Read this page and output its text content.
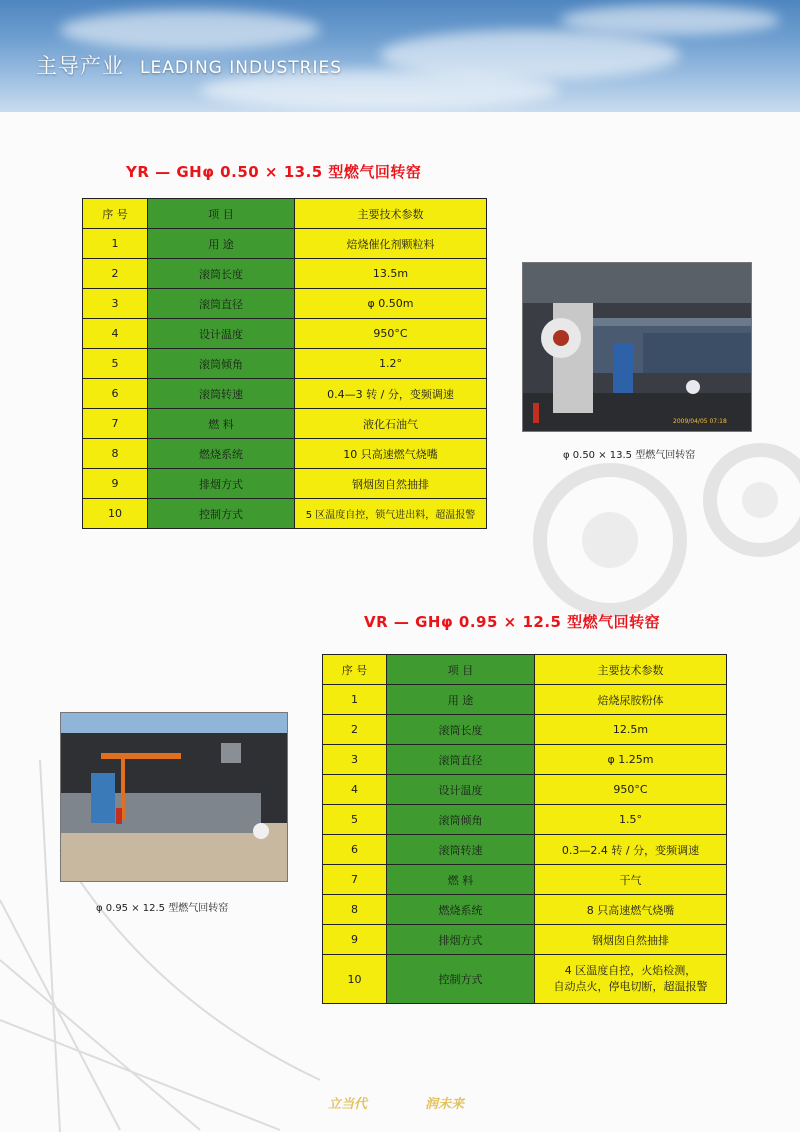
主导产业 LEADING INDUSTRIES
YR — GHφ 0.50 × 13.5 型燃气回转窑
序 号	项 目	主要技术参数
1	用 途	焙烧催化剂颗粒料
2	滚筒长度	13.5m
3	滚筒直径	φ 0.50m
4	设计温度	950°C
5	滚筒倾角	1.2°
6	滚筒转速	0.4—3 转 / 分，变频调速
7	燃 料	液化石油气
8	燃烧系统	10 只高速燃气烧嘴
9	排烟方式	钢烟囱自然抽排
10	控制方式	5 区温度自控，锁气进出料，超温报警
2009/04/05 07:18
φ 0.50 × 13.5 型燃气回转窑
VR — GHφ 0.95 × 12.5 型燃气回转窑
序 号	项 目	主要技术参数
1	用 途	焙烧尿胺粉体
2	滚筒长度	12.5m
3	滚筒直径	φ 1.25m
4	设计温度	950°C
5	滚筒倾角	1.5°
6	滚筒转速	0.3—2.4 转 / 分，变频调速
7	燃 料	干气
8	燃烧系统	8 只高速燃气烧嘴
9	排烟方式	钢烟囱自然抽排
10	控制方式	4 区温度自控，火焰检测，
自动点火，停电切断，超温报警
φ 0.95 × 12.5 型燃气回转窑
立当代	润未来
